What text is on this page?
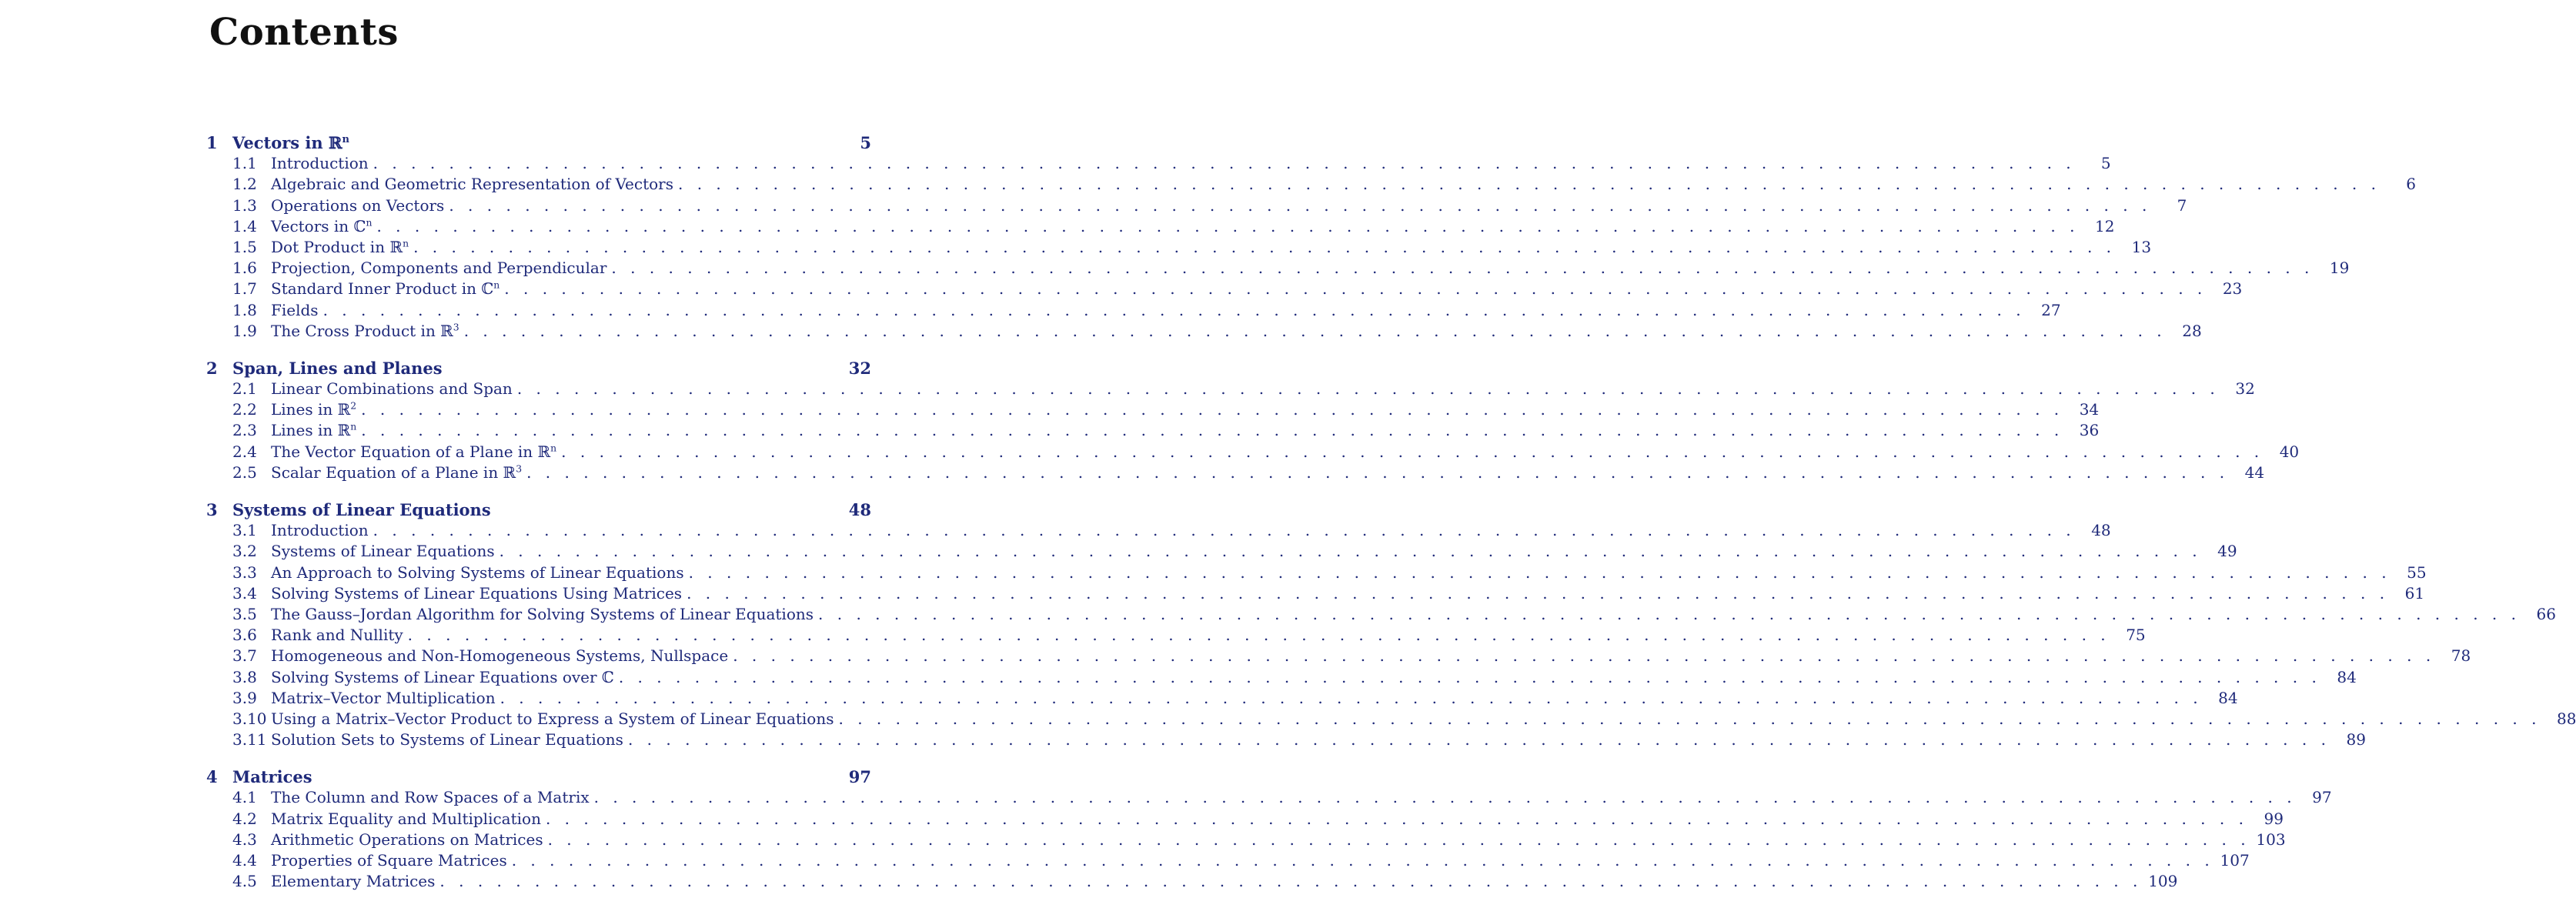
Contents
1 Vectors in ℝ$^n$	5
1.1 Introduction . . .	5
1.2 Algebraic and Geometric Representation of Vectors . . .	6
1.3 Operations on Vectors . . .	7
1.4 Vectors in ℂ$^n$ . . .	12
1.5 Dot Product in ℝ$^n$ . . .	13
1.6 Projection, Components and Perpendicular . . .	19
1.7 Standard Inner Product in ℂ$^n$ . . .	23
1.8 Fields . . .	27
1.9 The Cross Product in ℝ$^3$ . . .	28
2 Span, Lines and Planes	32
2.1 Linear Combinations and Span . . .	32
2.2 Lines in ℝ$^2$ . . .	34
2.3 Lines in ℝ$^n$ . . .	36
2.4 The Vector Equation of a Plane in ℝ$^n$ . . .	40
2.5 Scalar Equation of a Plane in ℝ$^3$ . . .	44
3 Systems of Linear Equations	48
3.1 Introduction . . .	48
3.2 Systems of Linear Equations . . .	49
3.3 An Approach to Solving Systems of Linear Equations . . .	55
3.4 Solving Systems of Linear Equations Using Matrices . . .	61
3.5 The Gauss–Jordan Algorithm for Solving Systems of Linear Equations . . .	66
3.6 Rank and Nullity . . .	75
3.7 Homogeneous and Non-Homogeneous Systems, Nullspace . . .	78
3.8 Solving Systems of Linear Equations over ℂ . . .	84
3.9 Matrix–Vector Multiplication . . .	84
3.10 Using a Matrix–Vector Product to Express a System of Linear Equations . . .	88
3.11 Solution Sets to Systems of Linear Equations . . .	89
4 Matrices	97
4.1 The Column and Row Spaces of a Matrix . . .	97
4.2 Matrix Equality and Multiplication . . .	99
4.3 Arithmetic Operations on Matrices . . .	103
4.4 Properties of Square Matrices . . .	107
4.5 Elementary Matrices . . .	109
